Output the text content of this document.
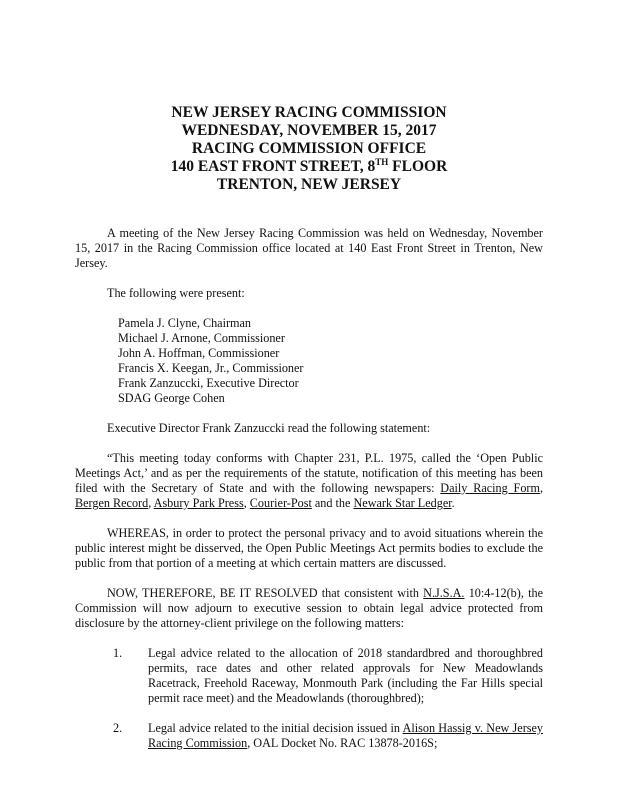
NEW JERSEY RACING COMMISSION
WEDNESDAY, NOVEMBER 15, 2017
RACING COMMISSION OFFICE
140 EAST FRONT STREET, 8TH FLOOR
TRENTON, NEW JERSEY

A meeting of the New Jersey Racing Commission was held on Wednesday, November 15, 2017 in the Racing Commission office located at 140 East Front Street in Trenton, New Jersey.

The following were present:

Pamela J. Clyne, Chairman
Michael J. Arnone, Commissioner
John A. Hoffman, Commissioner
Francis X. Keegan, Jr., Commissioner
Frank Zanzuccki, Executive Director
SDAG George Cohen

Executive Director Frank Zanzuccki read the following statement:

“This meeting today conforms with Chapter 231, P.L. 1975, called the ‘Open Public Meetings Act,’ and as per the requirements of the statute, notification of this meeting has been filed with the Secretary of State and with the following newspapers: Daily Racing Form, Bergen Record, Asbury Park Press, Courier-Post and the Newark Star Ledger.

WHEREAS, in order to protect the personal privacy and to avoid situations wherein the public interest might be disserved, the Open Public Meetings Act permits bodies to exclude the public from that portion of a meeting at which certain matters are discussed.

NOW, THEREFORE, BE IT RESOLVED that consistent with N.J.S.A. 10:4-12(b), the Commission will now adjourn to executive session to obtain legal advice protected from disclosure by the attorney-client privilege on the following matters:

1. Legal advice related to the allocation of 2018 standardbred and thoroughbred permits, race dates and other related approvals for New Meadowlands Racetrack, Freehold Raceway, Monmouth Park (including the Far Hills special permit race meet) and the Meadowlands (thoroughbred);
2. Legal advice related to the initial decision issued in Alison Hassig v. New Jersey Racing Commission, OAL Docket No. RAC 13878-2016S;
